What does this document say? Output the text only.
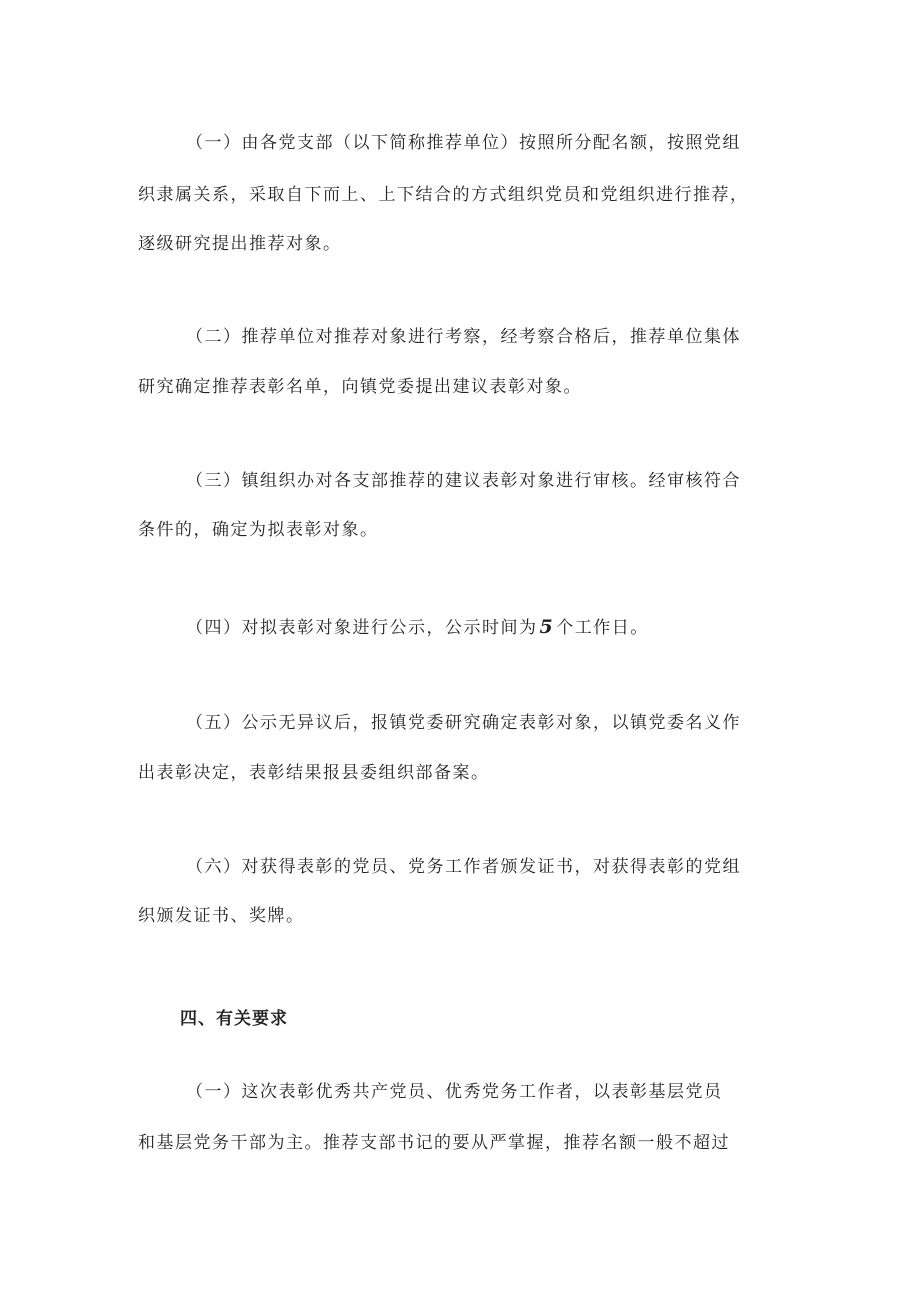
（一）由各党支部（以下简称推荐单位）按照所分配名额，按照党组
织隶属关系，采取自下而上、上下结合的方式组织党员和党组织进行推荐，
逐级研究提出推荐对象。
（二）推荐单位对推荐对象进行考察，经考察合格后，推荐单位集体
研究确定推荐表彰名单，向镇党委提出建议表彰对象。
（三）镇组织办对各支部推荐的建议表彰对象进行审核。经审核符合
条件的，确定为拟表彰对象。
（四）对拟表彰对象进行公示，公示时间为 5 个工作日。
（五）公示无异议后，报镇党委研究确定表彰对象，以镇党委名义作
出表彰决定，表彰结果报县委组织部备案。
（六）对获得表彰的党员、党务工作者颁发证书，对获得表彰的党组
织颁发证书、奖牌。
四、有关要求
（一）这次表彰优秀共产党员、优秀党务工作者，以表彰基层党员
和基层党务干部为主。推荐支部书记的要从严掌握，推荐名额一般不超过
